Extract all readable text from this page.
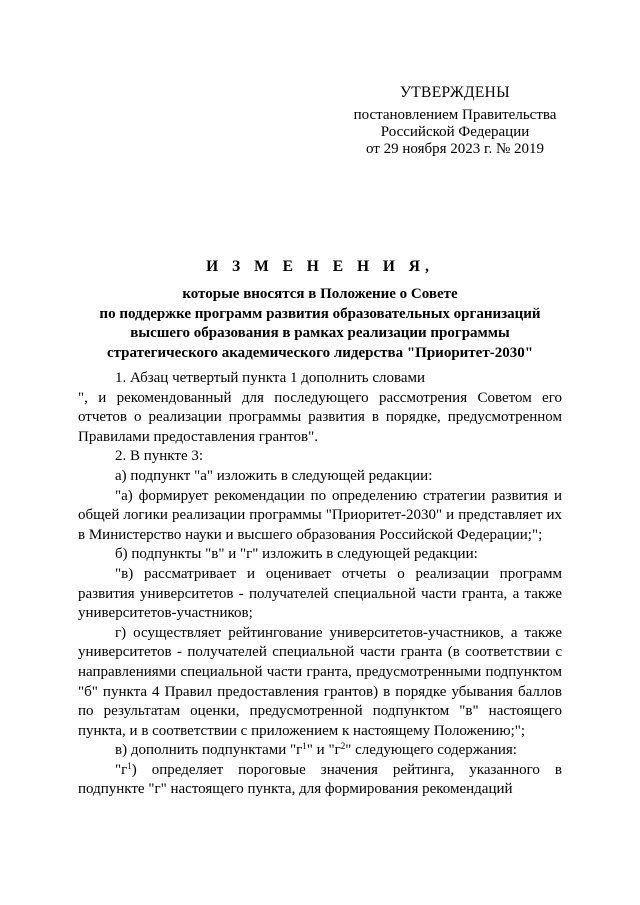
УТВЕРЖДЕНЫ
постановлением Правительства
Российской Федерации
от 29 ноября 2023 г. № 2019
И З М Е Н Е Н И Я,
которые вносятся в Положение о Совете
по поддержке программ развития образовательных организаций
высшего образования в рамках реализации программы
стратегического академического лидерства "Приоритет-2030"

1. Абзац четвертый пункта 1 дополнить словами

", и рекомендованный для последующего рассмотрения Советом его отчетов о реализации программы развития в порядке, предусмотренном Правилами предоставления грантов".

2. В пункте 3:

а) подпункт "а" изложить в следующей редакции:

"а) формирует рекомендации по определению стратегии развития и общей логики реализации программы "Приоритет-2030" и представляет их в Министерство науки и высшего образования Российской Федерации;";

б) подпункты "в" и "г" изложить в следующей редакции:

"в) рассматривает и оценивает отчеты о реализации программ развития университетов - получателей специальной части гранта, а также университетов-участников;

г) осуществляет рейтингование университетов-участников, а также университетов - получателей специальной части гранта (в соответствии с направлениями специальной части гранта, предусмотренными подпунктом "б" пункта 4 Правил предоставления грантов) в порядке убывания баллов по результатам оценки, предусмотренной подпунктом "в" настоящего пункта, и в соответствии с приложением к настоящему Положению;";

в) дополнить подпунктами "$г^1$" и "$г^2$" следующего содержания:

"$г^1$) определяет пороговые значения рейтинга, указанного в подпункте "г" настоящего пункта, для формирования рекомендаций
